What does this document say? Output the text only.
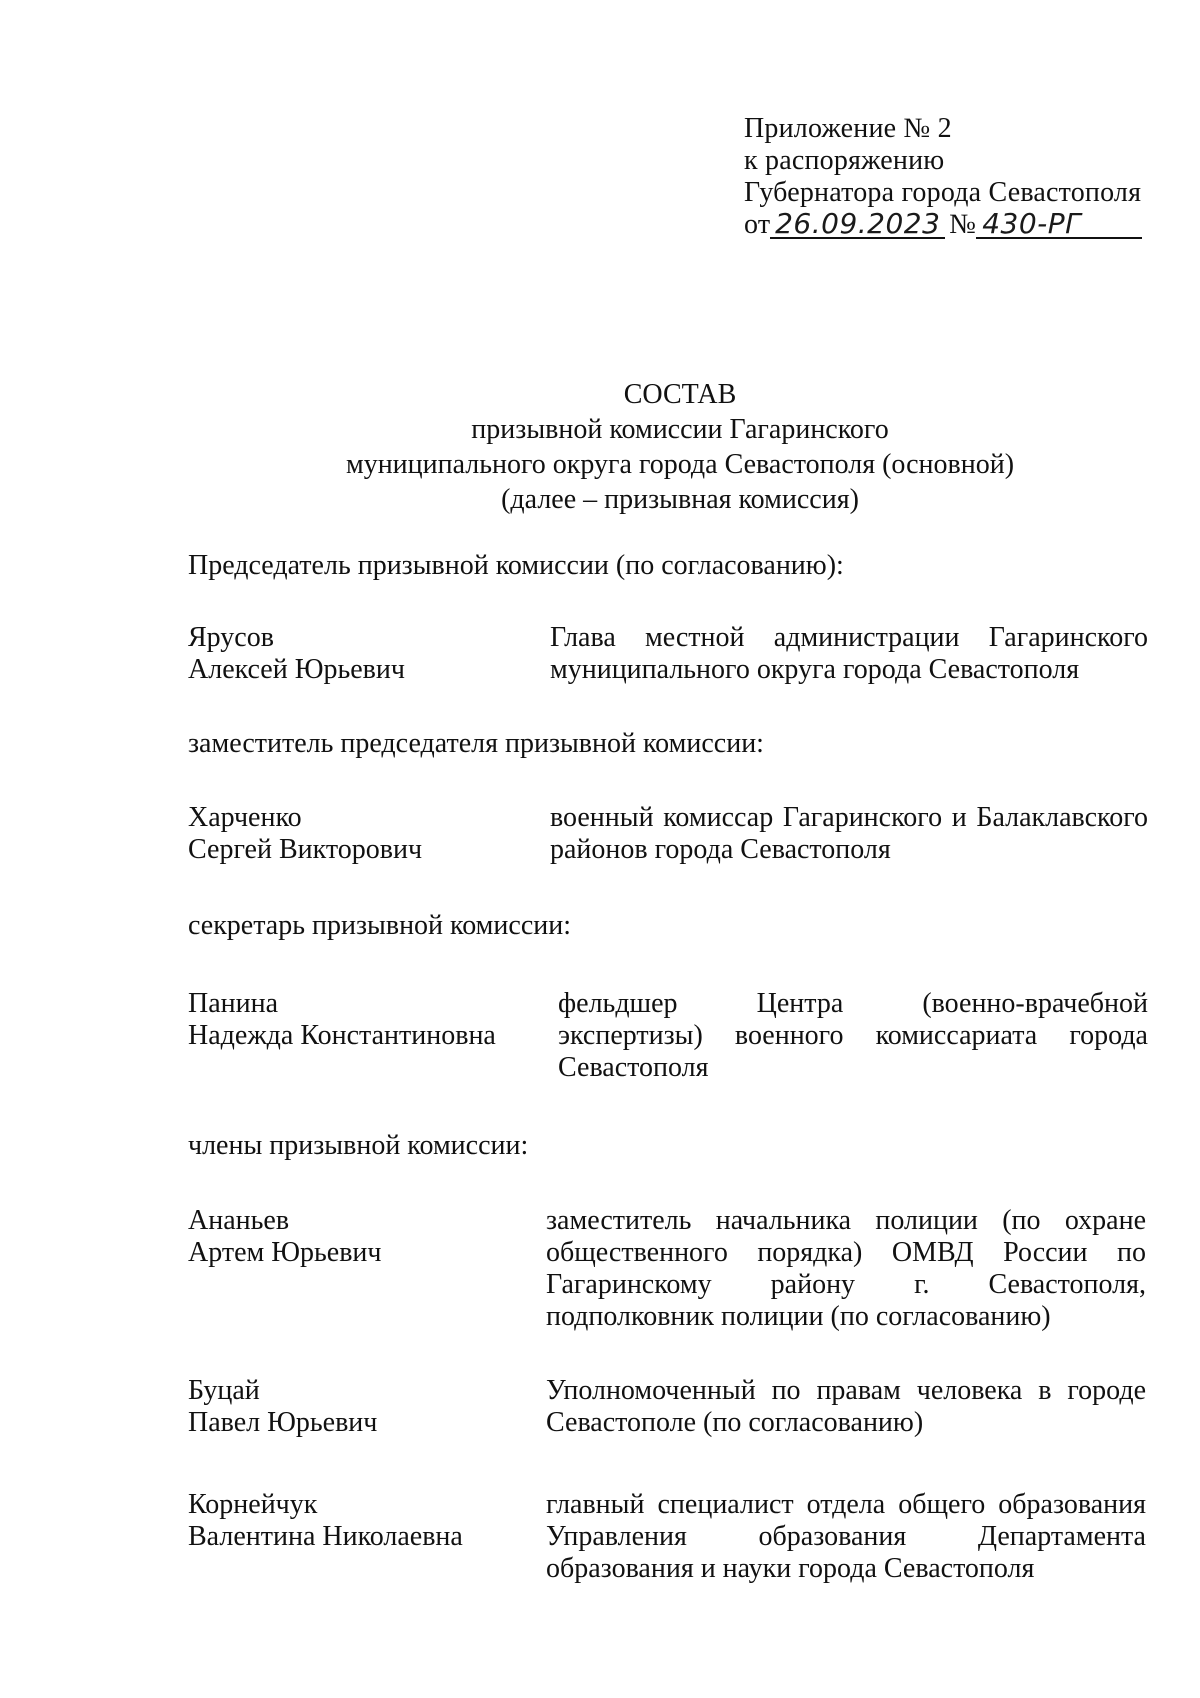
Приложение № 2
к распоряжению
Губернатора города Севастополя
от 26.09.2023 № 430-РГ
СОСТАВ
призывной комиссии Гагаринского
муниципального округа города Севастополя (основной)
(далее – призывная комиссия)
Председатель призывной комиссии (по согласованию):
Ярусов
Алексей Юрьевич
Глава местной администрации Гагаринского муниципального округа города Севастополя
заместитель председателя призывной комиссии:
Харченко
Сергей Викторович
военный комиссар Гагаринского и Балаклавского районов города Севастополя
секретарь призывной комиссии:
Панина
Надежда Константиновна
фельдшер Центра (военно-врачебной экспертизы) военного комиссариата города Севастополя
члены призывной комиссии:
Ананьев
Артем Юрьевич
заместитель начальника полиции (по охране общественного порядка) ОМВД России по Гагаринскому району г. Севастополя, подполковник полиции (по согласованию)
Буцай
Павел Юрьевич
Уполномоченный по правам человека в городе Севастополе (по согласованию)
Корнейчук
Валентина Николаевна
главный специалист отдела общего образования Управления образования Департамента образования и науки города Севастополя
